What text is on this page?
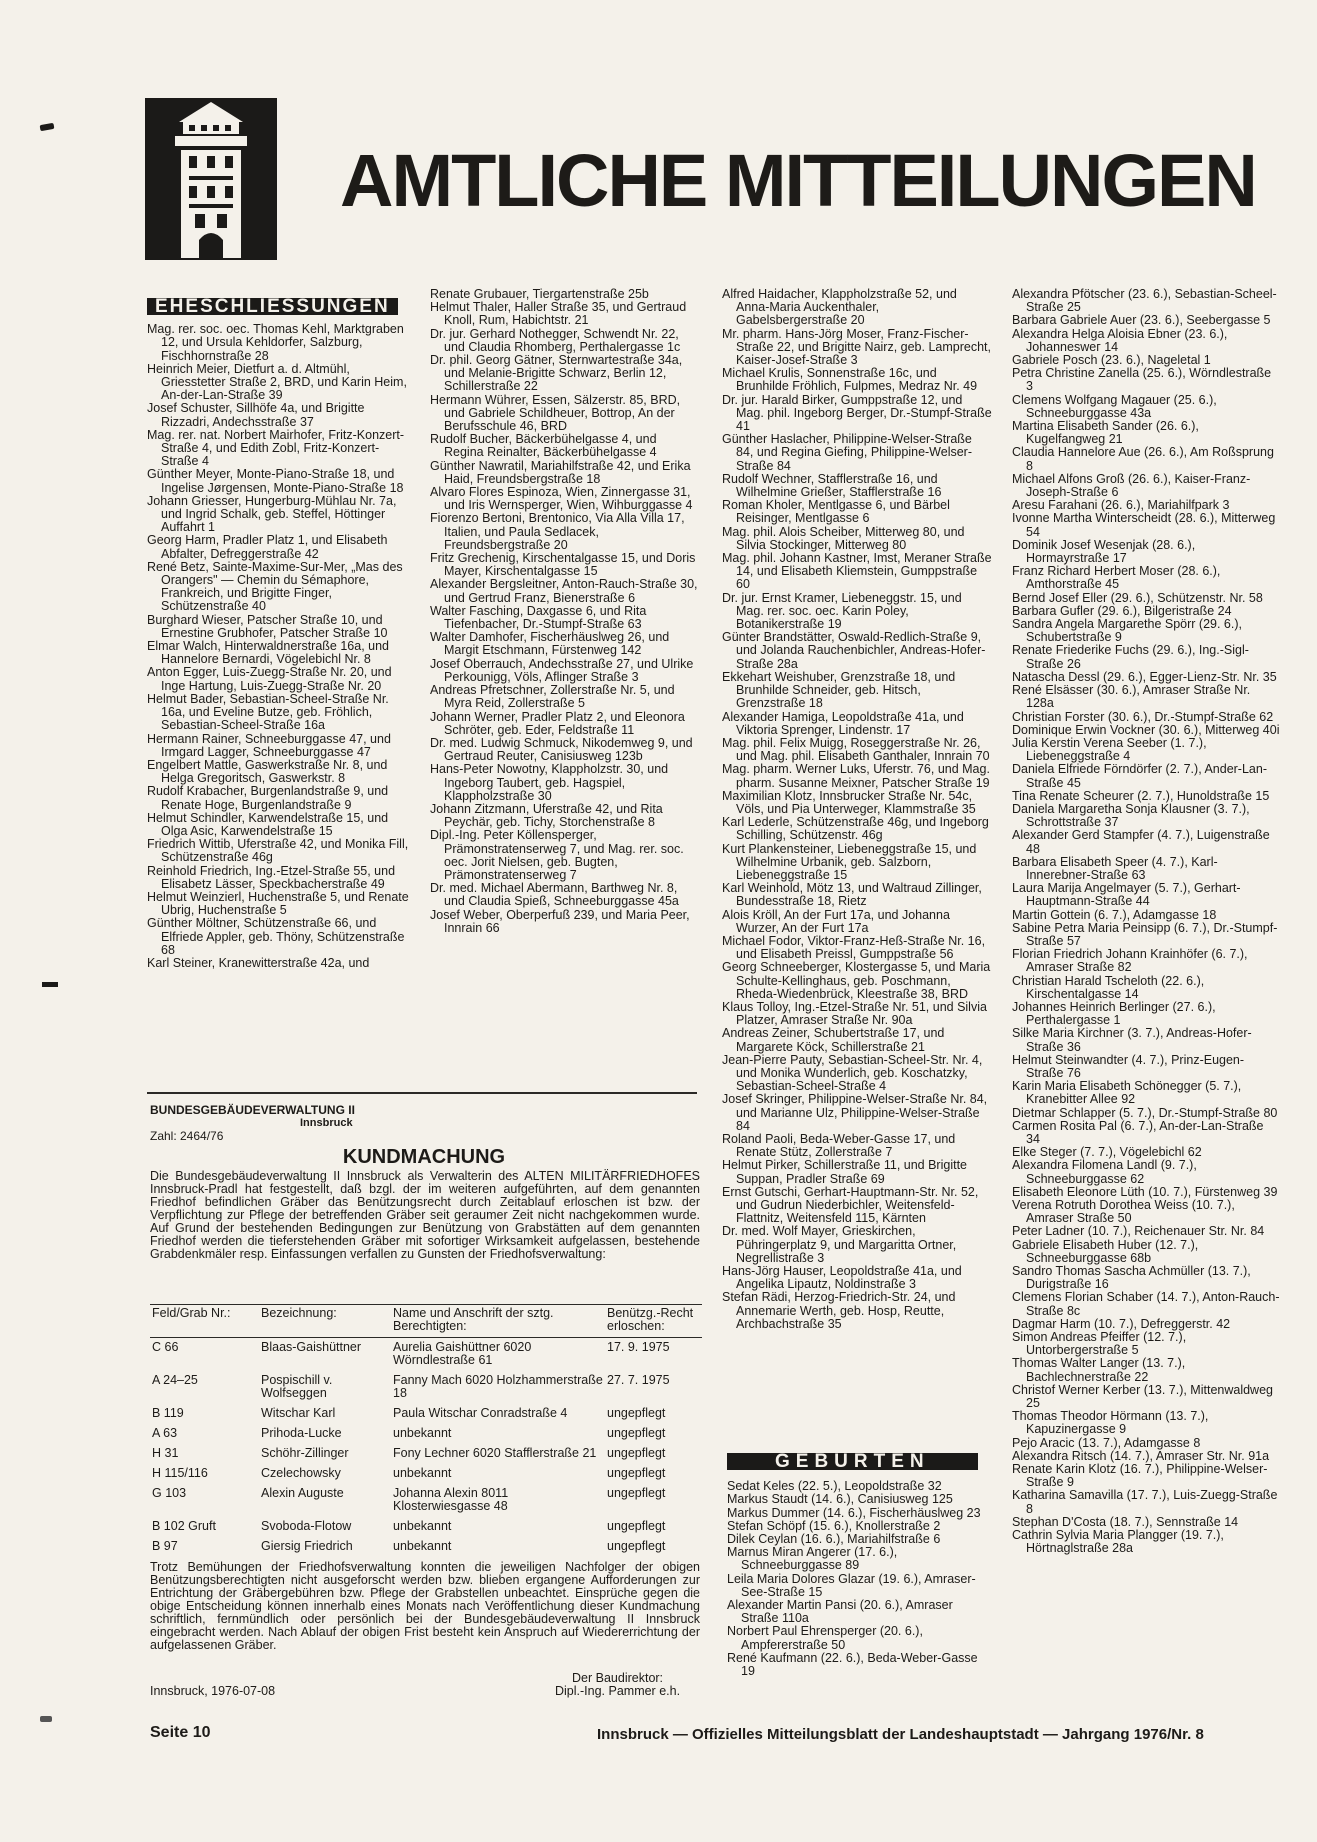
AMTLICHE MITTEILUNGEN
EHESCHLIESSUNGEN

Mag. rer. soc. oec. Thomas Kehl, Marktgraben 12, und Ursula Kehldorfer, Salzburg, Fischhornstraße 28

Heinrich Meier, Dietfurt a. d. Altmühl, Griesstetter Straße 2, BRD, und Karin Heim, An-der-Lan-Straße 39

Josef Schuster, Sillhöfe 4a, und Brigitte Rizzadri, Andechsstraße 37

Mag. rer. nat. Norbert Mairhofer, Fritz-Konzert-Straße 4, und Edith Zobl, Fritz-Konzert-Straße 4

Günther Meyer, Monte-Piano-Straße 18, und Ingelise Jørgensen, Monte-Piano-Straße 18

Johann Griesser, Hungerburg-Mühlau Nr. 7a, und Ingrid Schalk, geb. Steffel, Höttinger Auffahrt 1

Georg Harm, Pradler Platz 1, und Elisabeth Abfalter, Defreggerstraße 42

René Betz, Sainte-Maxime-Sur-Mer, „Mas des Orangers" — Chemin du Sémaphore, Frankreich, und Brigitte Finger, Schützenstraße 40

Burghard Wieser, Patscher Straße 10, und Ernestine Grubhofer, Patscher Straße 10

Elmar Walch, Hinterwaldnerstraße 16a, und Hannelore Bernardi, Vögelebichl Nr. 8

Anton Egger, Luis-Zuegg-Straße Nr. 20, und Inge Hartung, Luis-Zuegg-Straße Nr. 20

Helmut Bader, Sebastian-Scheel-Straße Nr. 16a, und Eveline Butze, geb. Fröhlich, Sebastian-Scheel-Straße 16a

Hermann Rainer, Schneeburggasse 47, und Irmgard Lagger, Schneeburggasse 47

Engelbert Mattle, Gaswerkstraße Nr. 8, und Helga Gregoritsch, Gaswerkstr. 8

Rudolf Krabacher, Burgenlandstraße 9, und Renate Hoge, Burgenlandstraße 9

Helmut Schindler, Karwendelstraße 15, und Olga Asic, Karwendelstraße 15

Friedrich Wittib, Uferstraße 42, und Monika Fill, Schützenstraße 46g

Reinhold Friedrich, Ing.-Etzel-Straße 55, und Elisabetz Lässer, Speckbacherstraße 49

Helmut Weinzierl, Huchenstraße 5, und Renate Ubrig, Huchenstraße 5

Günther Möltner, Schützenstraße 66, und Elfriede Appler, geb. Thöny, Schützenstraße 68

Karl Steiner, Kranewitterstraße 42a, und

Renate Grubauer, Tiergartenstraße 25b

Helmut Thaler, Haller Straße 35, und Gertraud Knoll, Rum, Habichtstr. 21

Dr. jur. Gerhard Nothegger, Schwendt Nr. 22, und Claudia Rhomberg, Perthalergasse 1c

Dr. phil. Georg Gätner, Sternwartestraße 34a, und Melanie-Brigitte Schwarz, Berlin 12, Schillerstraße 22

Hermann Wührer, Essen, Sälzerstr. 85, BRD, und Gabriele Schildheuer, Bottrop, An der Berufsschule 46, BRD

Rudolf Bucher, Bäckerbühelgasse 4, und Regina Reinalter, Bäckerbühelgasse 4

Günther Nawratil, Mariahilfstraße 42, und Erika Haid, Freundsbergstraße 18

Alvaro Flores Espinoza, Wien, Zinnergasse 31, und Iris Wernsperger, Wien, Wihburggasse 4

Fiorenzo Bertoni, Brentonico, Via Alla Villa 17, Italien, und Paula Sedlacek, Freundsbergstraße 20

Fritz Grechenig, Kirschentalgasse 15, und Doris Mayer, Kirschentalgasse 15

Alexander Bergsleitner, Anton-Rauch-Straße 30, und Gertrud Franz, Bienerstraße 6

Walter Fasching, Daxgasse 6, und Rita Tiefenbacher, Dr.-Stumpf-Straße 63

Walter Damhofer, Fischerhäuslweg 26, und Margit Etschmann, Fürstenweg 142

Josef Oberrauch, Andechsstraße 27, und Ulrike Perkounigg, Völs, Aflinger Straße 3

Andreas Pfretschner, Zollerstraße Nr. 5, und Myra Reid, Zollerstraße 5

Johann Werner, Pradler Platz 2, und Eleonora Schröter, geb. Eder, Feldstraße 11

Dr. med. Ludwig Schmuck, Nikodemweg 9, und Gertraud Reuter, Canisiusweg 123b

Hans-Peter Nowotny, Klappholzstr. 30, und Ingeborg Taubert, geb. Hagspiel, Klappholzstraße 30

Johann Zitzmann, Uferstraße 42, und Rita Peychär, geb. Tichy, Storchenstraße 8

Dipl.-Ing. Peter Köllensperger, Prämonstratenserweg 7, und Mag. rer. soc. oec. Jorit Nielsen, geb. Bugten, Prämonstratenserweg 7

Dr. med. Michael Abermann, Barthweg Nr. 8, und Claudia Spieß, Schneeburggasse 45a

Josef Weber, Oberperfuß 239, und Maria Peer, Innrain 66

Alfred Haidacher, Klappholzstraße 52, und Anna-Maria Auckenthaler, Gabelsbergerstraße 20

Mr. pharm. Hans-Jörg Moser, Franz-Fischer-Straße 22, und Brigitte Nairz, geb. Lamprecht, Kaiser-Josef-Straße 3

Michael Krulis, Sonnenstraße 16c, und Brunhilde Fröhlich, Fulpmes, Medraz Nr. 49

Dr. jur. Harald Birker, Gumppstraße 12, und Mag. phil. Ingeborg Berger, Dr.-Stumpf-Straße 41

Günther Haslacher, Philippine-Welser-Straße 84, und Regina Giefing, Philippine-Welser-Straße 84

Rudolf Wechner, Stafflerstraße 16, und Wilhelmine Grießer, Stafflerstraße 16

Roman Kholer, Mentlgasse 6, und Bärbel Reisinger, Mentlgasse 6

Mag. phil. Alois Scheiber, Mitterweg 80, und Silvia Stockinger, Mitterweg 80

Mag. phil. Johann Kastner, Imst, Meraner Straße 14, und Elisabeth Kliemstein, Gumppstraße 60

Dr. jur. Ernst Kramer, Liebeneggstr. 15, und Mag. rer. soc. oec. Karin Poley, Botanikerstraße 19

Günter Brandstätter, Oswald-Redlich-Straße 9, und Jolanda Rauchenbichler, Andreas-Hofer-Straße 28a

Ekkehart Weishuber, Grenzstraße 18, und Brunhilde Schneider, geb. Hitsch, Grenzstraße 18

Alexander Hamiga, Leopoldstraße 41a, und Viktoria Sprenger, Lindenstr. 17

Mag. phil. Felix Muigg, Roseggerstraße Nr. 26, und Mag. phil. Elisabeth Ganthaler, Innrain 70

Mag. pharm. Werner Luks, Uferstr. 76, und Mag. pharm. Susanne Meixner, Patscher Straße 19

Maximilian Klotz, Innsbrucker Straße Nr. 54c, Völs, und Pia Unterweger, Klammstraße 35

Karl Lederle, Schützenstraße 46g, und Ingeborg Schilling, Schützenstr. 46g

Kurt Plankensteiner, Liebeneggstraße 15, und Wilhelmine Urbanik, geb. Salzborn, Liebeneggstraße 15

Karl Weinhold, Mötz 13, und Waltraud Zillinger, Bundesstraße 18, Rietz

Alois Kröll, An der Furt 17a, und Johanna Wurzer, An der Furt 17a

Michael Fodor, Viktor-Franz-Heß-Straße Nr. 16, und Elisabeth Preissl, Gumppstraße 56

Georg Schneeberger, Klostergasse 5, und Maria Schulte-Kellinghaus, geb. Poschmann, Rheda-Wiedenbrück, Kleestraße 38, BRD

Klaus Tolloy, Ing.-Etzel-Straße Nr. 51, und Silvia Platzer, Amraser Straße Nr. 90a

Andreas Zeiner, Schubertstraße 17, und Margarete Köck, Schillerstraße 21

Jean-Pierre Pauty, Sebastian-Scheel-Str. Nr. 4, und Monika Wunderlich, geb. Koschatzky, Sebastian-Scheel-Straße 4

Josef Skringer, Philippine-Welser-Straße Nr. 84, und Marianne Ulz, Philippine-Welser-Straße 84

Roland Paoli, Beda-Weber-Gasse 17, und Renate Stütz, Zollerstraße 7

Helmut Pirker, Schillerstraße 11, und Brigitte Suppan, Pradler Straße 69

Ernst Gutschi, Gerhart-Hauptmann-Str. Nr. 52, und Gudrun Niederbichler, Weitensfeld-Flattnitz, Weitensfeld 115, Kärnten

Dr. med. Wolf Mayer, Grieskirchen, Pühringerplatz 9, und Margaritta Ortner, Negrellistraße 3

Hans-Jörg Hauser, Leopoldstraße 41a, und Angelika Lipautz, Noldinstraße 3

Stefan Rädi, Herzog-Friedrich-Str. 24, und Annemarie Werth, geb. Hosp, Reutte, Archbachstraße 35

GEBURTEN

Sedat Keles (22. 5.), Leopoldstraße 32

Markus Staudt (14. 6.), Canisiusweg 125

Markus Dummer (14. 6.), Fischerhäuslweg 23

Stefan Schöpf (15. 6.), Knollerstraße 2

Dilek Ceylan (16. 6.), Mariahilfstraße 6

Marnus Miran Angerer (17. 6.), Schneeburggasse 89

Leila Maria Dolores Glazar (19. 6.), Amraser-See-Straße 15

Alexander Martin Pansi (20. 6.), Amraser Straße 110a

Norbert Paul Ehrensperger (20. 6.), Ampfererstraße 50

René Kaufmann (22. 6.), Beda-Weber-Gasse 19

Alexandra Pfötscher (23. 6.), Sebastian-Scheel-Straße 25

Barbara Gabriele Auer (23. 6.), Seebergasse 5

Alexandra Helga Aloisia Ebner (23. 6.), Johanneswег 14

Gabriele Posch (23. 6.), Nageletal 1

Petra Christine Zanella (25. 6.), Wörndlestraße 3

Clemens Wolfgang Magauer (25. 6.), Schneeburggasse 43a

Martina Elisabeth Sander (26. 6.), Kugelfangweg 21

Claudia Hannelore Aue (26. 6.), Am Roßsprung 8

Michael Alfons Groß (26. 6.), Kaiser-Franz-Joseph-Straße 6

Aresu Farahani (26. 6.), Mariahilfpark 3

Ivonne Martha Winterscheidt (28. 6.), Mitterweg 54

Dominik Josef Wesenjak (28. 6.), Hormayrstraße 17

Franz Richard Herbert Moser (28. 6.), Amthorstraße 45

Bernd Josef Eller (29. 6.), Schützenstr. Nr. 58

Barbara Gufler (29. 6.), Bilgeristraße 24

Sandra Angela Margarethe Spörr (29. 6.), Schubertstraße 9

Renate Friederike Fuchs (29. 6.), Ing.-Sigl-Straße 26

Natascha Dessl (29. 6.), Egger-Lienz-Str. Nr. 35

René Elsässer (30. 6.), Amraser Straße Nr. 128a

Christian Forster (30. 6.), Dr.-Stumpf-Straße 62

Dominique Erwin Vockner (30. 6.), Mitterweg 40i

Julia Kerstin Verena Seeber (1. 7.), Liebeneggstraße 4

Daniela Elfriede Förndörfer (2. 7.), Ander-Lan-Straße 45

Tina Renate Scheurer (2. 7.), Hunoldstraße 15

Daniela Margaretha Sonja Klausner (3. 7.), Schrottstraße 37

Alexander Gerd Stampfer (4. 7.), Luigenstraße 48

Barbara Elisabeth Speer (4. 7.), Karl-Innerebner-Straße 63

Laura Marija Angelmayer (5. 7.), Gerhart-Hauptmann-Straße 44

Martin Gottein (6. 7.), Adamgasse 18

Sabine Petra Maria Peinsipp (6. 7.), Dr.-Stumpf-Straße 57

Florian Friedrich Johann Krainhöfer (6. 7.), Amraser Straße 82

Christian Harald Tscheloth (22. 6.), Kirschentalgasse 14

Johannes Heinrich Berlinger (27. 6.), Perthalergasse 1

Silke Maria Kirchner (3. 7.), Andreas-Hofer-Straße 36

Helmut Steinwandter (4. 7.), Prinz-Eugen-Straße 76

Karin Maria Elisabeth Schönegger (5. 7.), Kranebitter Allee 92

Dietmar Schlapper (5. 7.), Dr.-Stumpf-Straße 80

Carmen Rosita Pal (6. 7.), An-der-Lan-Straße 34

Elke Steger (7. 7.), Vögelebichl 62

Alexandra Filomena Landl (9. 7.), Schneeburggasse 62

Elisabeth Eleonore Lüth (10. 7.), Fürstenweg 39

Verena Rotruth Dorothea Weiss (10. 7.), Amraser Straße 50

Peter Ladner (10. 7.), Reichenauer Str. Nr. 84

Gabriele Elisabeth Huber (12. 7.), Schneeburggasse 68b

Sandro Thomas Sascha Achmüller (13. 7.), Durigstraße 16

Clemens Florian Schaber (14. 7.), Anton-Rauch-Straße 8c

Dagmar Harm (10. 7.), Defreggerstr. 42

Simon Andreas Pfeiffer (12. 7.), Untorbergerstraße 5

Thomas Walter Langer (13. 7.), Bachlechnerstraße 22

Christof Werner Kerber (13. 7.), Mittenwaldweg 25

Thomas Theodor Hörmann (13. 7.), Kapuzinergasse 9

Pejo Aracic (13. 7.), Adamgasse 8

Alexandra Ritsch (14. 7.), Amraser Str. Nr. 91a

Renate Karin Klotz (16. 7.), Philippine-Welser-Straße 9

Katharina Samavilla (17. 7.), Luis-Zuegg-Straße 8

Stephan D'Costa (18. 7.), Sennstraße 14

Cathrin Sylvia Maria Plangger (19. 7.), Hörtnaglstraße 28a

BUNDESGEBÄUDEVERWALTUNG II
Innsbruck
Zahl: 2464/76
KUNDMACHUNG
Die Bundesgebäudeverwaltung II Innsbruck als Verwalterin des ALTEN MILITÄRFRIEDHOFES Innsbruck-Pradl hat festgestellt, daß bzgl. der im weiteren aufgeführten, auf dem genannten Friedhof befindlichen Gräber das Benützungsrecht durch Zeitablauf erloschen ist bzw. der Verpflichtung zur Pflege der betreffenden Gräber seit geraumer Zeit nicht nachgekommen wurde. Auf Grund der bestehenden Bedingungen zur Benützung von Grabstätten auf dem genannten Friedhof werden die tieferstehenden Gräber mit sofortiger Wirksamkeit aufgelassen, bestehende Grabdenkmäler resp. Einfassungen verfallen zu Gunsten der Friedhofsverwaltung:
Feld/Grab Nr.:	Bezeichnung:	Name und Anschrift der sztg. Berechtigten:	Benützg.-Recht erloschen:
C 66	Blaas-Gaishüttner	Aurelia Gaishüttner 6020 Wörndlestraße 61	17. 9. 1975
A 24–25	Pospischill v. Wolfseggen	Fanny Mach 6020 Holzhammerstraße 18	27. 7. 1975
B 119	Witschar Karl	Paula Witschar Conradstraße 4	ungepflegt
A 63	Prihoda-Lucke	unbekannt	ungepflegt
H 31	Schöhr-Zillinger	Fony Lechner 6020 Stafflerstraße 21	ungepflegt
H 115/116	Czelechowsky	unbekannt	ungepflegt
G 103	Alexin Auguste	Johanna Alexin 8011 Klosterwiesgasse 48	ungepflegt
B 102 Gruft	Svoboda-Flotow	unbekannt	ungepflegt
B 97	Giersig Friedrich	unbekannt	ungepflegt
Trotz Bemühungen der Friedhofsverwaltung konnten die jeweiligen Nachfolger der obigen Benützungsberechtigten nicht ausgeforscht werden bzw. blieben ergangene Aufforderungen zur Entrichtung der Gräbergebühren bzw. Pflege der Grabstellen unbeachtet. Einsprüche gegen die obige Entscheidung können innerhalb eines Monats nach Veröffentlichung dieser Kundmachung schriftlich, fernmündlich oder persönlich bei der Bundesgebäudeverwaltung II Innsbruck eingebracht werden. Nach Ablauf der obigen Frist besteht kein Anspruch auf Wiedererrichtung der aufgelassenen Gräber.
Der Baudirektor:
Dipl.-Ing. Pammer e.h.
Innsbruck, 1976-07-08
Seite 10	Innsbruck — Offizielles Mitteilungsblatt der Landeshauptstadt — Jahrgang 1976/Nr. 8
